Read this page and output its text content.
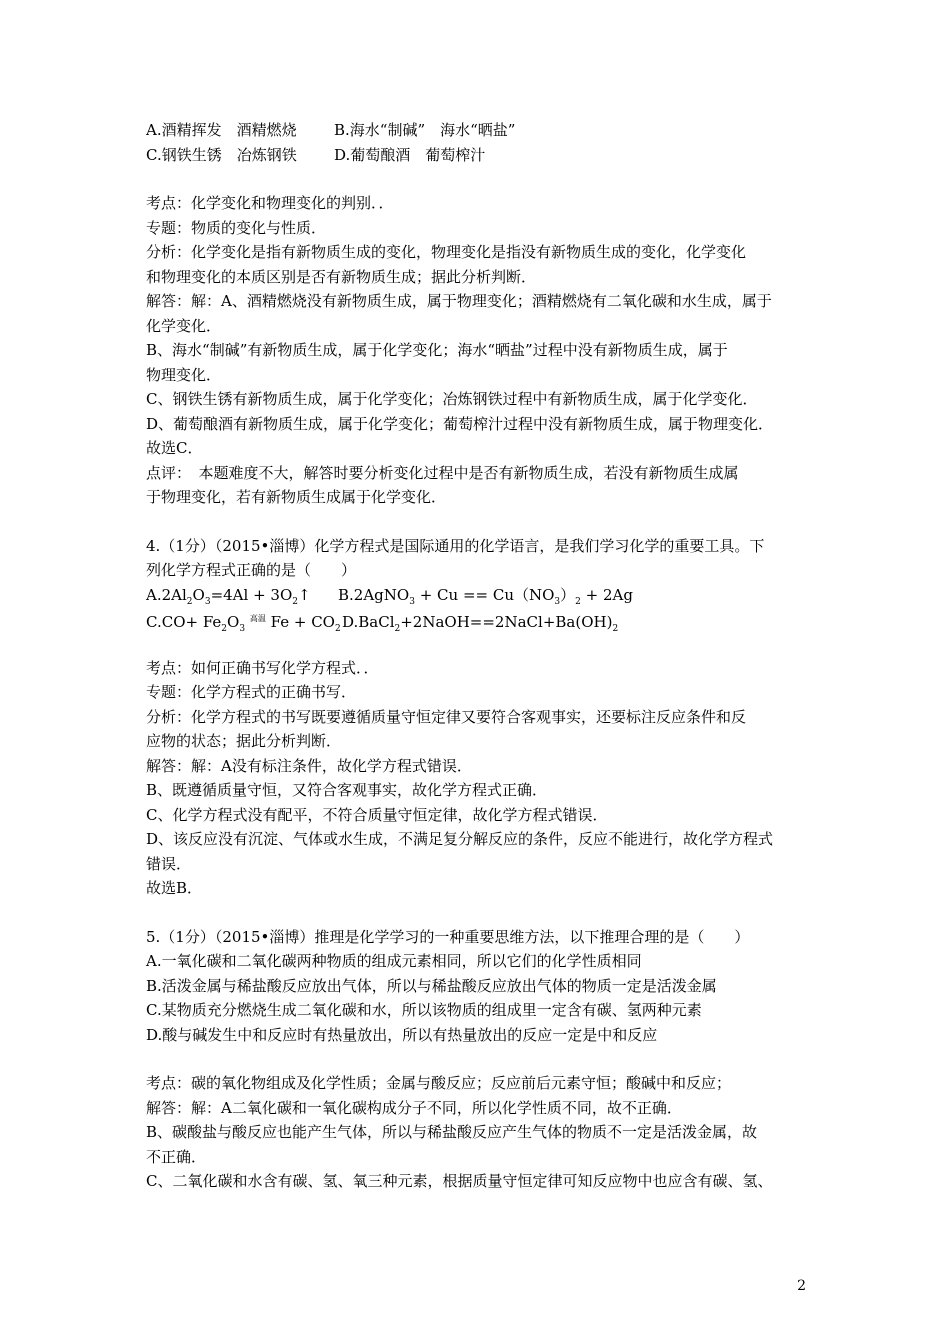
A.酒精挥发　酒精燃烧 B.海水“制碱”　海水“晒盐”
C.钢铁生锈　冶炼钢铁 D.葡萄酿酒　葡萄榨汁
考点：化学变化和物理变化的判别．．
专题：物质的变化与性质．
分析：化学变化是指有新物质生成的变化，物理变化是指没有新物质生成的变化，化学变化
和物理变化的本质区别是否有新物质生成；据此分析判断．
解答：解：A、酒精燃烧没有新物质生成，属于物理变化；酒精燃烧有二氧化碳和水生成，属于
化学变化．
B、海水“制碱”有新物质生成，属于化学变化；海水“晒盐”过程中没有新物质生成，属于
物理变化．
C、钢铁生锈有新物质生成，属于化学变化；冶炼钢铁过程中有新物质生成，属于化学变化．
D、葡萄酿酒有新物质生成，属于化学变化；葡萄榨汁过程中没有新物质生成，属于物理变化．
故选C．
点评：　本题难度不大，解答时要分析变化过程中是否有新物质生成，若没有新物质生成属
于物理变化，若有新物质生成属于化学变化．
4.（1分）（2015•淄博）化学方程式是国际通用的化学语言，是我们学习化学的重要工具。下
列化学方程式正确的是（　　）
$A.2Al_2O_3=4Al$ + $3O_2↑$ B.2AgNO$_3$ + $Cu == Cu(NO_3)_2 + 2Ag$
$C.CO+ Fe_2O_3$ $^{高温}$ $Fe + CO_2D.BaCl_2+2NaOH==2NaCl+Ba(OH)_2$
考点：如何正确书写化学方程式．．
专题：化学方程式的正确书写．
分析：化学方程式的书写既要遵循质量守恒定律又要符合客观事实，还要标注反应条件和反
应物的状态；据此分析判断．
解答：解：A没有标注条件，故化学方程式错误．
B、既遵循质量守恒，又符合客观事实，故化学方程式正确．
C、化学方程式没有配平，不符合质量守恒定律，故化学方程式错误．
D、该反应没有沉淀、气体或水生成，不满足复分解反应的条件，反应不能进行，故化学方程式
错误．
故选B．
5.（1分）（2015•淄博）推理是化学学习的一种重要思维方法，以下推理合理的是（　　）
A.一氧化碳和二氧化碳两种物质的组成元素相同，所以它们的化学性质相同
B.活泼金属与稀盐酸反应放出气体，所以与稀盐酸反应放出气体的物质一定是活泼金属
C.某物质充分燃烧生成二氧化碳和水，所以该物质的组成里一定含有碳、氢两种元素
D.酸与碱发生中和反应时有热量放出，所以有热量放出的反应一定是中和反应
考点：碳的氧化物组成及化学性质；金属与酸反应；反应前后元素守恒；酸碱中和反应；
解答：解：A二氧化碳和一氧化碳构成分子不同，所以化学性质不同，故不正确．
B、碳酸盐与酸反应也能产生气体，所以与稀盐酸反应产生气体的物质不一定是活泼金属，故
不正确．
C、二氧化碳和水含有碳、氢、氧三种元素，根据质量守恒定律可知反应物中也应含有碳、氢、
2
